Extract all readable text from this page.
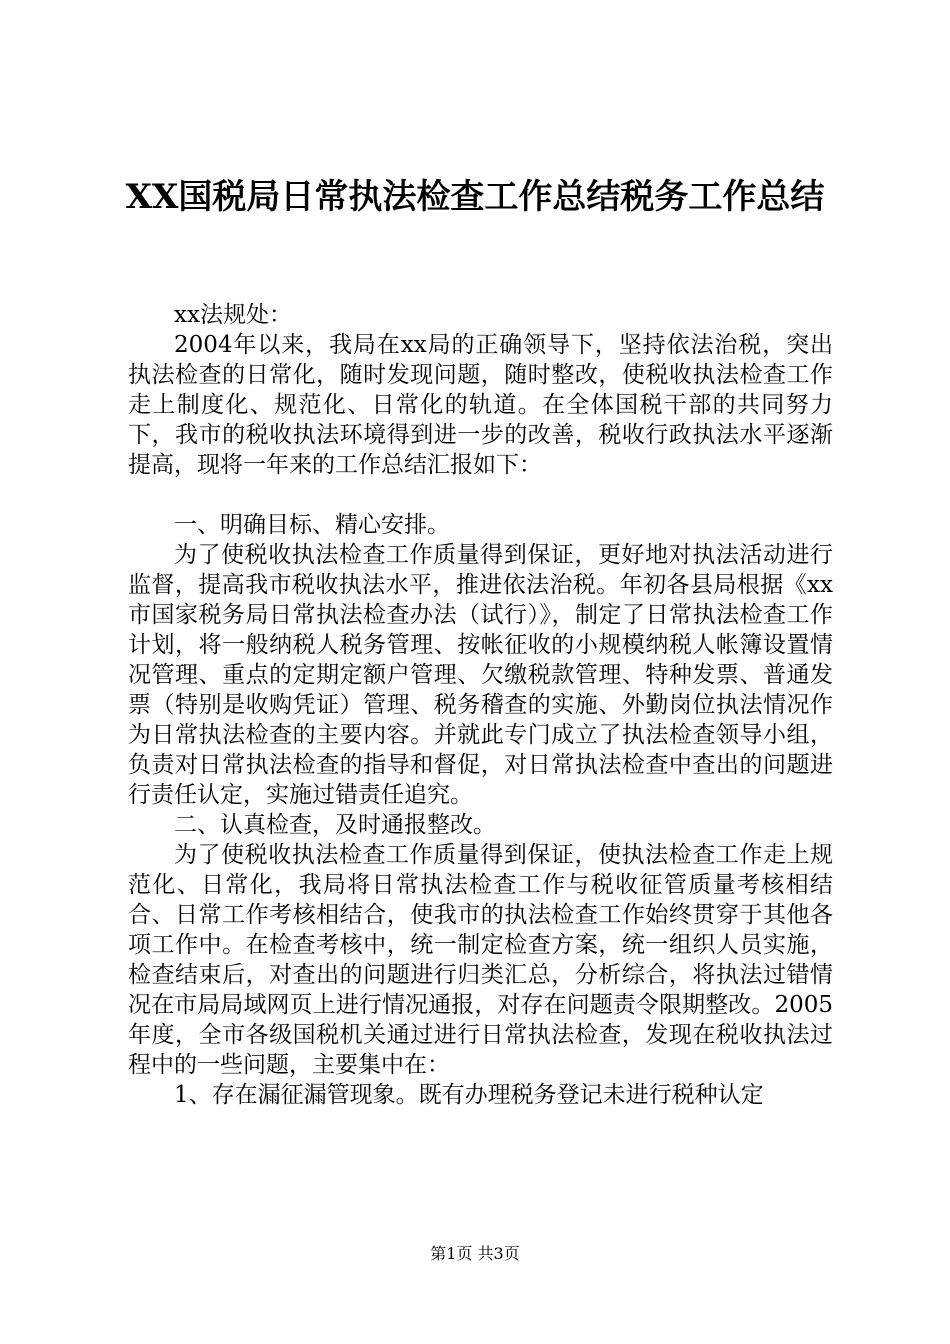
XX国税局日常执法检查工作总结税务工作总结

xx法规处：

2004年以来，我局在xx局的正确领导下，坚持依法治税，突出执法检查的日常化，随时发现问题，随时整改，使税收执法检查工作走上制度化、规范化、日常化的轨道。在全体国税干部的共同努力下，我市的税收执法环境得到进一步的改善，税收行政执法水平逐渐提高，现将一年来的工作总结汇报如下：

一、明确目标、精心安排。

为了使税收执法检查工作质量得到保证，更好地对执法活动进行监督，提高我市税收执法水平，推进依法治税。年初各县局根据《xx市国家税务局日常执法检查办法（试行）》，制定了日常执法检查工作计划，将一般纳税人税务管理、按帐征收的小规模纳税人帐簿设置情况管理、重点的定期定额户管理、欠缴税款管理、特种发票、普通发票（特别是收购凭证）管理、税务稽查的实施、外勤岗位执法情况作为日常执法检查的主要内容。并就此专门成立了执法检查领导小组，负责对日常执法检查的指导和督促，对日常执法检查中查出的问题进行责任认定，实施过错责任追究。

二、认真检查，及时通报整改。

为了使税收执法检查工作质量得到保证，使执法检查工作走上规范化、日常化，我局将日常执法检查工作与税收征管质量考核相结合、日常工作考核相结合，使我市的执法检查工作始终贯穿于其他各项工作中。在检查考核中，统一制定检查方案，统一组织人员实施，检查结束后，对查出的问题进行归类汇总，分析综合，将执法过错情况在市局局域网页上进行情况通报，对存在问题责令限期整改。2005年度，全市各级国税机关通过进行日常执法检查，发现在税收执法过程中的一些问题，主要集中在：

1、存在漏征漏管现象。既有办理税务登记未进行税种认定

第1页 共3页
